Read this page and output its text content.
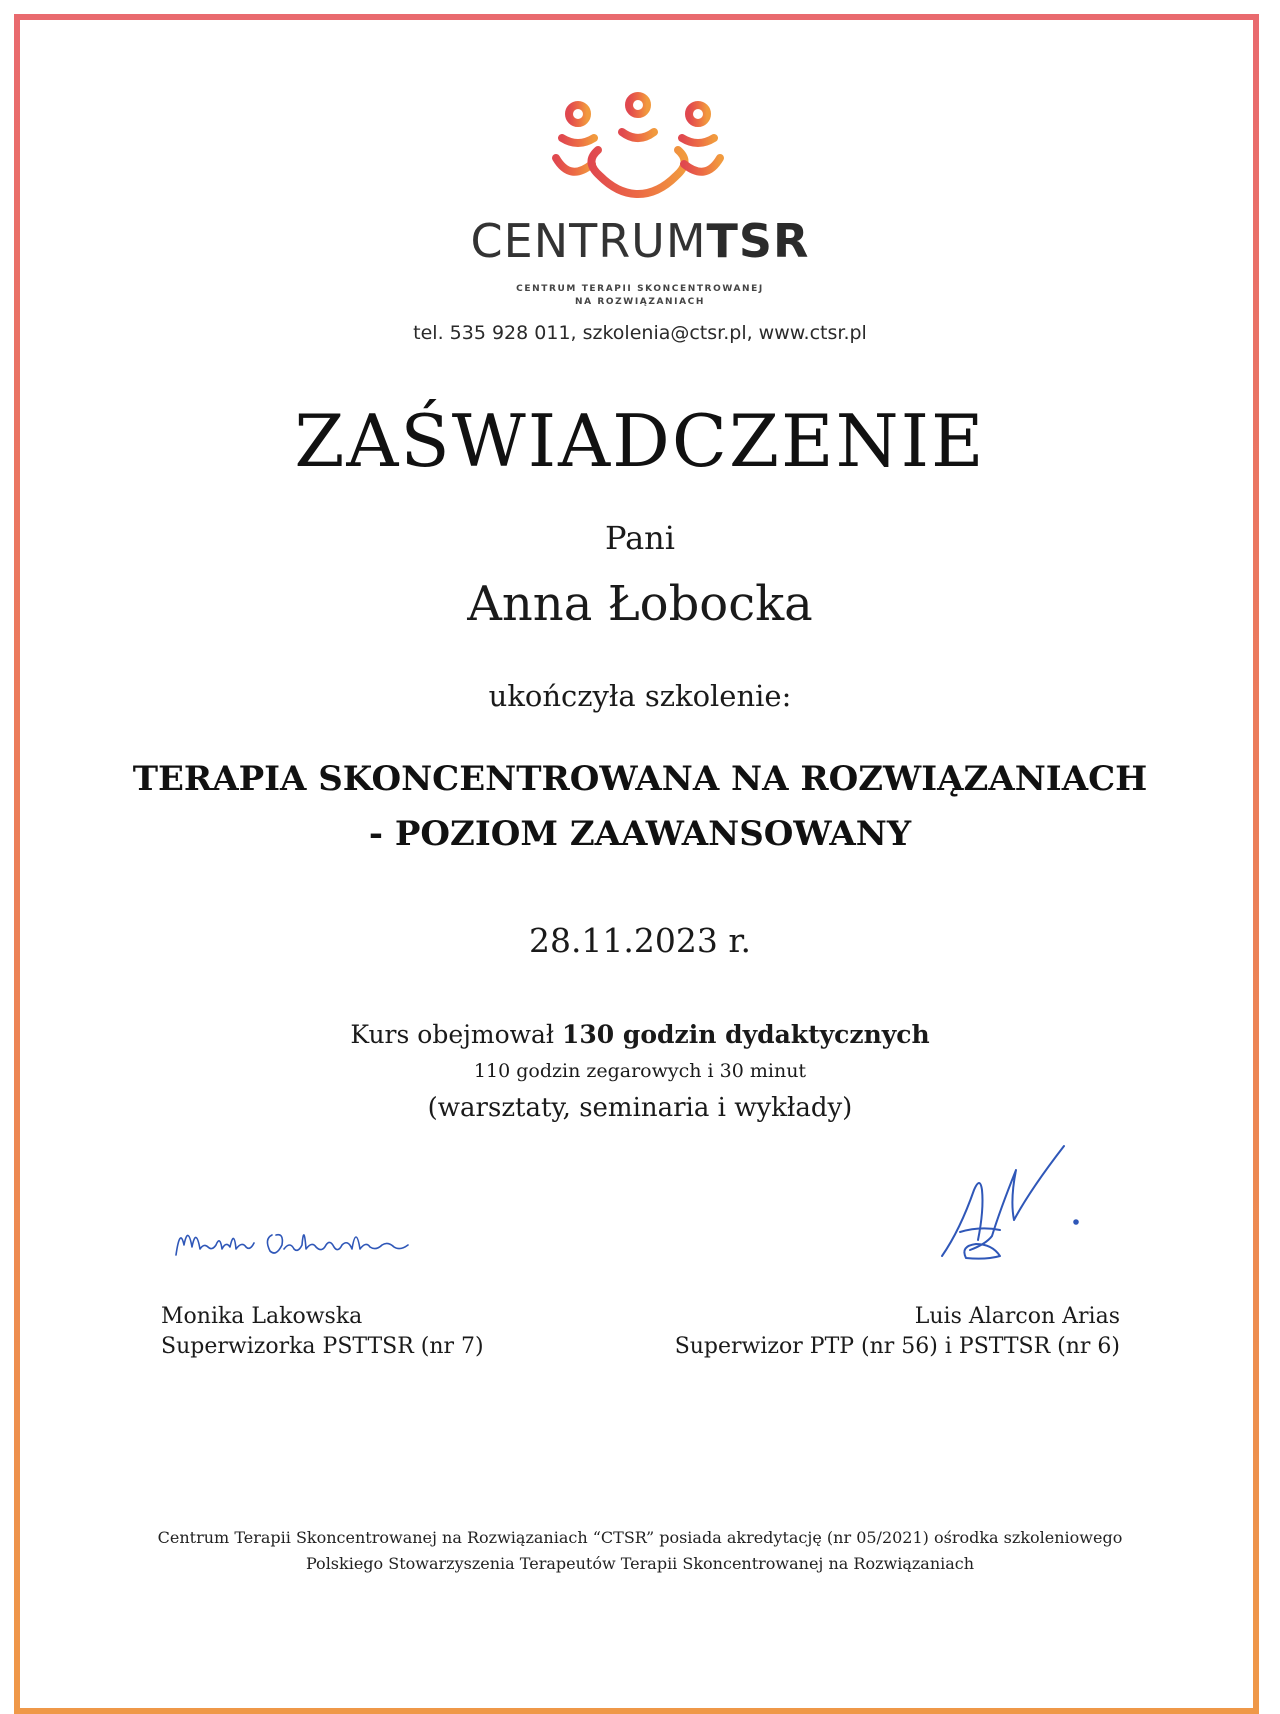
CENTRUMTSR
CENTRUM TERAPII SKONCENTROWANEJ
NA ROZWIĄZANIACH
tel. 535 928 011, szkolenia@ctsr.pl, www.ctsr.pl
ZAŚWIADCZENIE
Pani
Anna Łobocka
ukończyła szkolenie:
TERAPIA SKONCENTROWANA NA ROZWIĄZANIACH
- POZIOM ZAAWANSOWANY
28.11.2023 r.
Kurs obejmował 130 godzin dydaktycznych
110 godzin zegarowych i 30 minut
(warsztaty, seminaria i wykłady)
Monika Lakowska
Superwizorka PSTTSR (nr 7)
Luis Alarcon Arias
Superwizor PTP (nr 56) i PSTTSR (nr 6)
Centrum Terapii Skoncentrowanej na Rozwiązaniach “CTSR” posiada akredytację (nr 05/2021) ośrodka szkoleniowego
Polskiego Stowarzyszenia Terapeutów Terapii Skoncentrowanej na Rozwiązaniach
